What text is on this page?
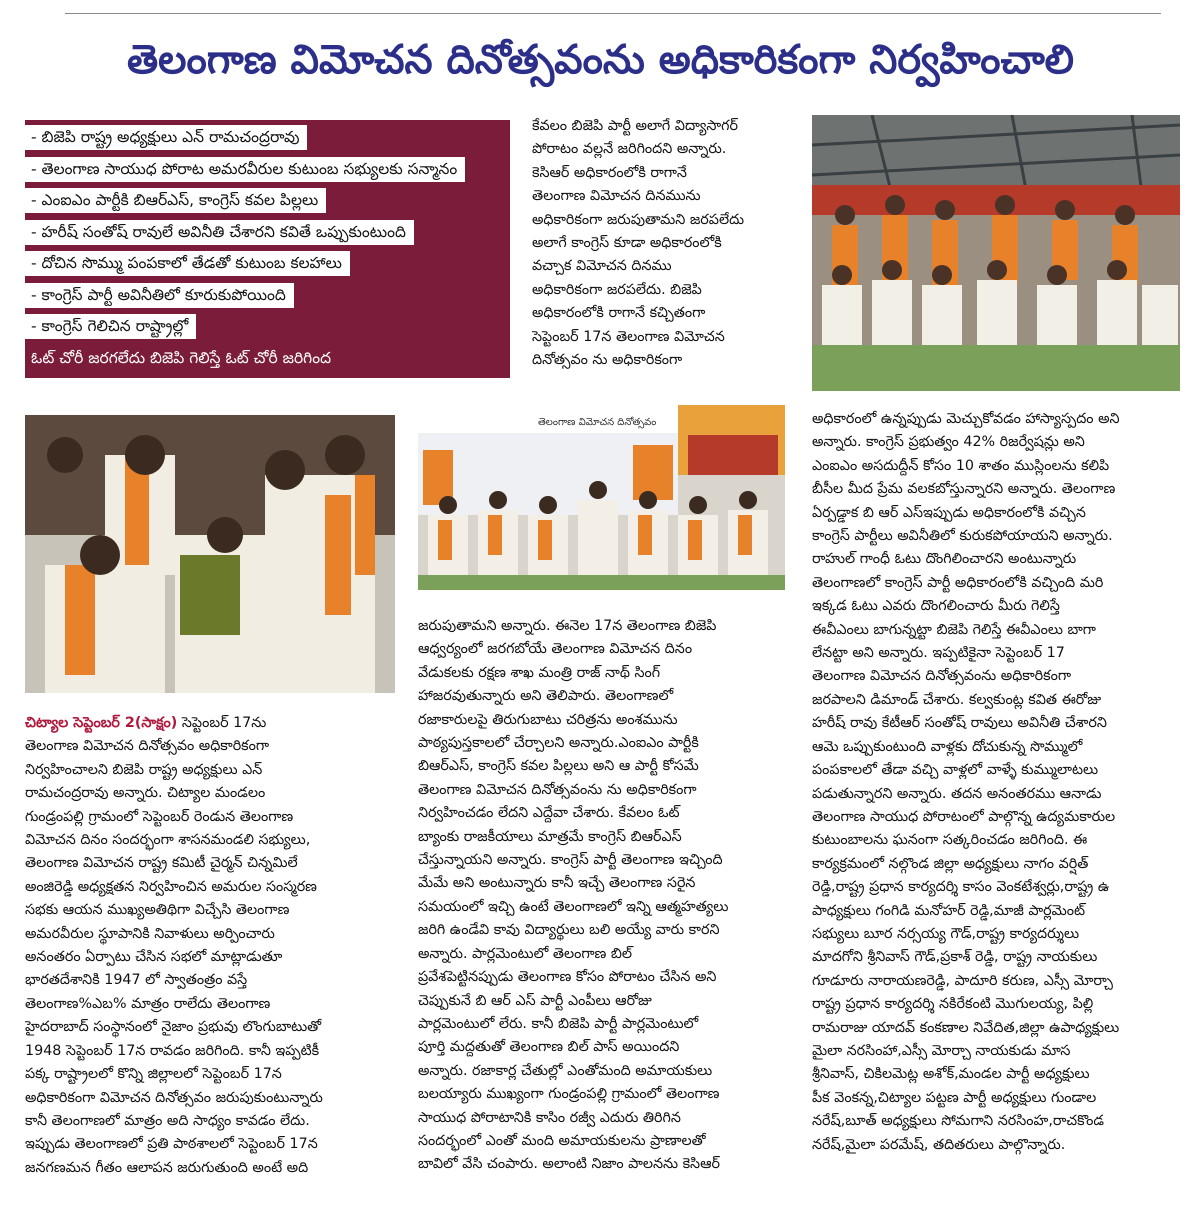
తెలంగాణ విమోచన దినోత్సవంను అధికారికంగా నిర్వహించాలి
- బిజెపి రాష్ట్ర అధ్యక్షులు ఎన్ రామచంద్రరావు
- తెలంగాణ సాయుధ పోరాట అమరవీరుల కుటుంబ సభ్యులకు సన్మానం
- ఎంఐఎం పార్టీకి బిఆర్ఎస్, కాంగ్రెస్ కవల పిల్లలు
- హరీష్ సంతోష్ రావులే అవినీతి చేశారని కవితే ఒప్పుకుంటుంది
- దోచిన సొమ్ము పంపకాలో తేడతో కుటుంబ కలహాలు
- కాంగ్రెస్ పార్టీ అవినీతిలో కూరుకుపోయింది
- కాంగ్రెస్ గెలిచిన రాష్ట్రాల్లో
ఓట్ చోరీ జరగలేదు బిజెపి గెలిస్తే ఓట్ చోరీ జరిగింద
కేవలం బిజెపి పార్టీ అలాగే విద్యాసాగర్
పోరాటం వల్లనే జరిగిందని అన్నారు.
కెసిఆర్ అధికారంలోకి రాగానే
తెలంగాణ విమోచన దినమును
అధికారికంగా జరుపుతామని జరపలేదు
అలాగే కాంగ్రెస్ కూడా అధికారంలోకి
వచ్చాక విమోచన దినము
అధికారికంగా జరపలేదు. బిజెపి
అధికారంలోకి రాగానే కచ్చితంగా
సెప్టెంబర్ 17న తెలంగాణ విమోచన
దినోత్సవం ను అధికారికంగా
తెలంగాణ విమోచన దినోత్సవం
చిట్యాల సెప్టెంబర్ 2(సాక్షం) సెప్టెంబర్ 17ను
తెలంగాణ విమోచన దినోత్సవం అధికారికంగా
నిర్వహించాలని బిజెపి రాష్ట్ర అధ్యక్షులు ఎన్
రామచంద్రరావు అన్నారు. చిట్యాల మండలం
గుండ్రంపల్లి గ్రామంలో సెప్టెంబర్ రెండున తెలంగాణ
విమోచన దినం సందర్భంగా శాసనమండలి సభ్యులు,
తెలంగాణ విమోచన రాష్ట్ర కమిటీ చైర్మన్ చిన్నమిలే
అంజిరెడ్డి అధ్యక్షతన నిర్వహించిన అమరుల సంస్మరణ
సభకు ఆయన ముఖ్యఅతిథిగా విచ్చేసి తెలంగాణ
అమరవీరుల స్థూపానికి నివాళులు అర్పించారు
అనంతరం ఏర్పాటు చేసిన సభలో మాట్లాడుతూ
భారతదేశానికి 1947 లో స్వాతంత్రం వస్తే
తెలంగాణ%ఎబ% మాత్రం రాలేదు తెలంగాణ
హైదరాబాద్ సంస్థానంలో నైజాం ప్రభువు లొంగుబాటుతో
1948 సెప్టెంబర్ 17న రావడం జరిగింది. కానీ ఇప్పటికీ
పక్క రాష్ట్రాలలో కొన్ని జిల్లాలలో సెప్టెంబర్ 17న
అధికారికంగా విమోచన దినోత్సవం జరుపుకుంటున్నారు
కానీ తెలంగాణలో మాత్రం అది సాధ్యం కావడం లేదు.
ఇప్పుడు తెలంగాణలో ప్రతి పాఠశాలలో సెప్టెంబర్ 17న
జనగణమన గీతం ఆలాపన జరుగుతుంది అంటే అది
జరుపుతామని అన్నారు. ఈనెల 17న తెలంగాణ బిజెపి
ఆధ్వర్యంలో జరగబోయే తెలంగాణ విమోచన దినం
వేడుకలకు రక్షణ శాఖ మంత్రి రాజ్ నాథ్ సింగ్
హాజరవుతున్నారు అని తెలిపారు. తెలంగాణలో
రజాకారులపై తిరుగుబాటు చరిత్రను అంశమును
పాఠ్యపుస్తకాలలో చేర్చాలని అన్నారు.ఎంఐఎం పార్టీకి
బిఆర్ఎస్, కాంగ్రెస్ కవల పిల్లలు అని ఆ పార్టీ కోసమే
తెలంగాణ విమోచన దినోత్సవంను ను అధికారికంగా
నిర్వహించడం లేదని ఎద్దేవా చేశారు. కేవలం ఓట్
బ్యాంకు రాజకీయాలు మాత్రమే కాంగ్రెస్ బిఆర్ఎస్
చేస్తున్నాయని అన్నారు. కాంగ్రెస్ పార్టీ తెలంగాణ ఇచ్చింది
మేమే అని అంటున్నారు కానీ ఇచ్చే తెలంగాణ సరైన
సమయంలో ఇచ్చి ఉంటే తెలంగాణలో ఇన్ని ఆత్మహత్యలు
జరిగి ఉండేవి కావు విద్యార్థులు బలి అయ్యే వారు కారని
అన్నారు. పార్లమెంటులో తెలంగాణ బిల్
ప్రవేశపెట్టినప్పుడు తెలంగాణ కోసం పోరాటం చేసిన అని
చెప్పుకునే బి ఆర్ ఎస్ పార్టీ ఎంపీలు ఆరోజు
పార్లమెంటులో లేరు. కానీ బిజెపి పార్టీ పార్లమెంటులో
పూర్తి మద్దతుతో తెలంగాణ బిల్ పాస్ అయిందని
అన్నారు. రజాకార్ల చేతుల్లో ఎంతోమంది అమాయకులు
బలయ్యారు ముఖ్యంగా గుండ్రంపల్లి గ్రామంలో తెలంగాణ
సాయుధ పోరాటానికి కాసిం రజ్వీ ఎదురు తిరిగిన
సందర్భంలో ఎంతో మంది అమాయకులను ప్రాణాలతో
బావిలో వేసి చంపారు. అలాంటి నిజాం పాలనను కెసిఆర్
అధికారంలో ఉన్నప్పుడు మెచ్చుకోవడం హాస్యాస్పదం అని
అన్నారు. కాంగ్రెస్ ప్రభుత్వం 42% రిజర్వేషన్లు అని
ఎంఐఎం అసదుద్దీన్ కోసం 10 శాతం ముస్లింలను కలిపి
బీసీల మీద ప్రేమ వలకబోస్తున్నారని అన్నారు. తెలంగాణ
ఏర్పడ్డాక బి ఆర్ ఎస్ఇప్పుడు అధికారంలోకి వచ్చిన
కాంగ్రెస్ పార్టీలు అవినీతిలో కురుకపోయాయని అన్నారు.
రాహుల్ గాంధీ ఓటు దొంగిలించారని అంటున్నారు
తెలంగాణలో కాంగ్రెస్ పార్టీ అధికారంలోకి వచ్చింది మరి
ఇక్కడ ఓటు ఎవరు దొంగలించారు మీరు గెలిస్తే
ఈవీఎంలు బాగున్నట్టా బిజెపి గెలిస్తే ఈవీఎంలు బాగా
లేనట్టా అని అన్నారు. ఇప్పటికైనా సెప్టెంబర్ 17
తెలంగాణ విమోచన దినోత్సవంను అధికారికంగా
జరపాలని డిమాండ్ చేశారు. కల్వకుంట్ల కవిత ఈరోజు
హరీష్ రావు కేటీఆర్ సంతోష్ రావులు అవినీతి చేశారని
ఆమె ఒప్పుకుంటుంది వాళ్లకు దోచుకున్న సొమ్ములో
పంపకాలలో తేడా వచ్చి వాళ్లలో వాళ్ళే కుమ్ములాటలు
పడుతున్నారని అన్నారు. తదన అనంతరము ఆనాడు
తెలంగాణ సాయుధ పోరాటంలో పాల్గొన్న ఉద్యమకారుల
కుటుంబాలను ఘనంగా సత్కరించడం జరిగింది. ఈ
కార్యక్రమంలో నల్గొండ జిల్లా అధ్యక్షులు నాగం వర్షిత్
రెడ్డి,రాష్ట్ర ప్రధాన కార్యదర్శి కాసం వెంకటేశ్వర్లు,రాష్ట్ర ఉ
పాధ్యక్షులు గంగిడి మనోహర్ రెడ్డి,మాజీ పార్లమెంట్
సభ్యులు బూర నర్సయ్య గౌడ్,రాష్ట్ర కార్యదర్శులు
మాదగోని శ్రీనివాస్ గౌడ్,ప్రకాశ్ రెడ్డి, రాష్ట్ర నాయకులు
గూడూరు నారాయణరెడ్డి, పాదూరి కరుణ, ఎస్సీ మోర్చా
రాష్ట్ర ప్రధాన కార్యదర్శి నకిరేకంటి మొగులయ్య, పిల్లి
రామరాజు యాదవ్ కంకణాల నివేదిత,జిల్లా ఉపాధ్యక్షులు
మైలా నరసింహా,ఎస్సీ మోర్చా నాయకుడు మాస
శ్రీనివాస్, చికిలమెట్ల అశోక్,మండల పార్టీ అధ్యక్షులు
పీక వెంకన్న,చిట్యాల పట్టణ పార్టీ అధ్యక్షులు గుండాల
నరేష్,బూత్ అధ్యక్షులు సోమగాని నరసింహ,రాచకొండ
నరేష్,మైలా పరమేష్, తదితరులు పాల్గొన్నారు.
